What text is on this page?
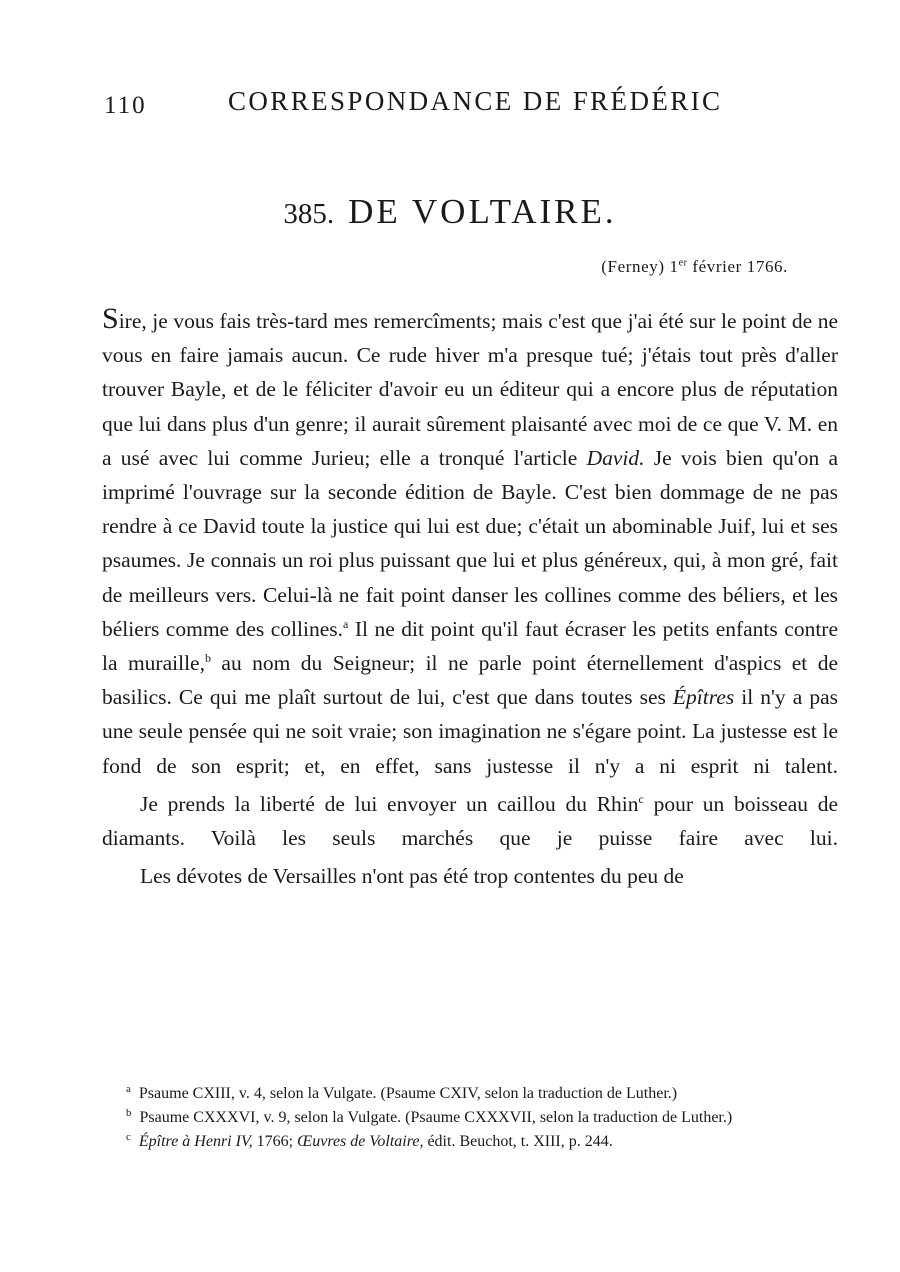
110	CORRESPONDANCE DE FRÉDÉRIC
385. DE VOLTAIRE.
(Ferney) 1er février 1766.

Sire, je vous fais très-tard mes remercîments; mais c'est que j'ai été sur le point de ne vous en faire jamais aucun. Ce rude hiver m'a presque tué; j'étais tout près d'aller trouver Bayle, et de le féliciter d'avoir eu un éditeur qui a encore plus de réputation que lui dans plus d'un genre; il aurait sûrement plaisanté avec moi de ce que V. M. en a usé avec lui comme Jurieu; elle a tronqué l'article David. Je vois bien qu'on a imprimé l'ouvrage sur la seconde édition de Bayle. C'est bien dommage de ne pas rendre à ce David toute la justice qui lui est due; c'était un abominable Juif, lui et ses psaumes. Je connais un roi plus puissant que lui et plus généreux, qui, à mon gré, fait de meilleurs vers. Celui-là ne fait point danser les collines comme des béliers, et les béliers comme des collines.$^a$ Il ne dit point qu'il faut écraser les petits enfants contre la muraille,$^b$ au nom du Seigneur; il ne parle point éternellement d'aspics et de basilics. Ce qui me plaît surtout de lui, c'est que dans toutes ses Épîtres il n'y a pas une seule pensée qui ne soit vraie; son imagination ne s'égare point. La justesse est le fond de son esprit; et, en effet, sans justesse il n'y a ni esprit ni talent.

Je prends la liberté de lui envoyer un caillou du Rhin$^c$ pour un boisseau de diamants. Voilà les seuls marchés que je puisse faire avec lui.

Les dévotes de Versailles n'ont pas été trop contentes du peu de

$^a$ Psaume CXIII, v. 4, selon la Vulgate. (Psaume CXIV, selon la traduction de Luther.)

$^b$ Psaume CXXXVI, v. 9, selon la Vulgate. (Psaume CXXXVII, selon la traduction de Luther.)

$^c$ Épître à Henri IV, 1766; Œuvres de Voltaire, édit. Beuchot, t. XIII, p. 244.
